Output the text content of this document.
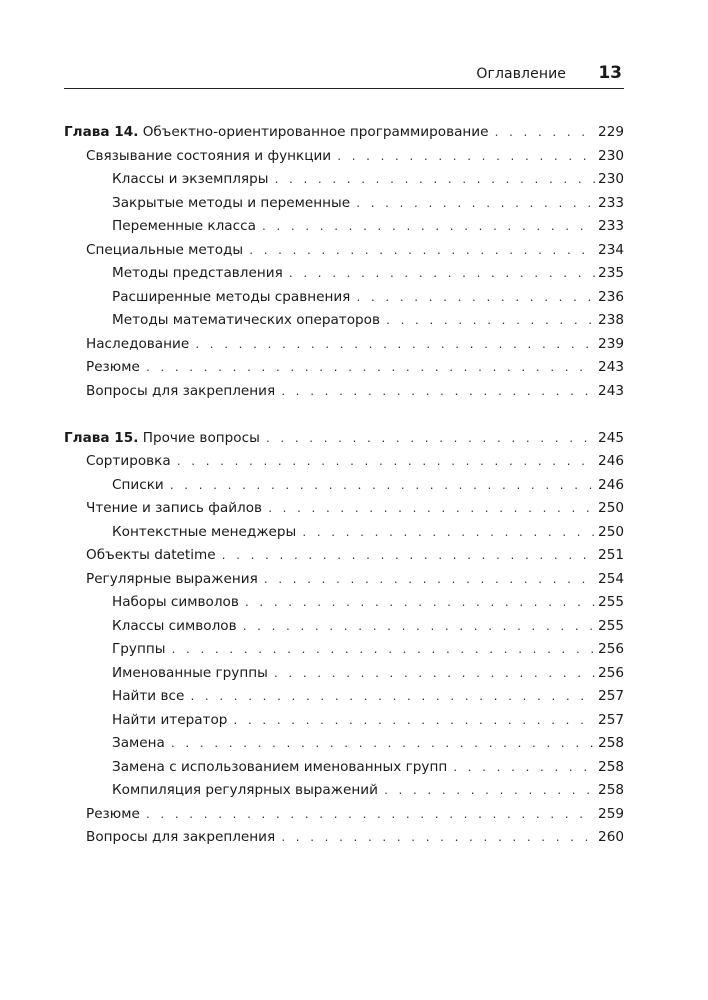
Оглавление 13
Глава 14. Объектно-ориентированное программирование . . .	229
Связывание состояния и функции . . .	230
Классы и экземпляры . . .	230
Закрытые методы и переменные . . .	233
Переменные класса . . .	233
Специальные методы . . .	234
Методы представления . . .	235
Расширенные методы сравнения . . .	236
Методы математических операторов . . .	238
Наследование . . .	239
Резюме . . .	243
Вопросы для закрепления . . .	243
Глава 15. Прочие вопросы . . .	245
Сортировка . . .	246
Списки . . .	246
Чтение и запись файлов . . .	250
Контекстные менеджеры . . .	250
Объекты datetime . . .	251
Регулярные выражения . . .	254
Наборы символов . . .	255
Классы символов . . .	255
Группы . . .	256
Именованные группы . . .	256
Найти все . . .	257
Найти итератор . . .	257
Замена . . .	258
Замена с использованием именованных групп . . .	258
Компиляция регулярных выражений . . .	258
Резюме . . .	259
Вопросы для закрепления . . .	260
